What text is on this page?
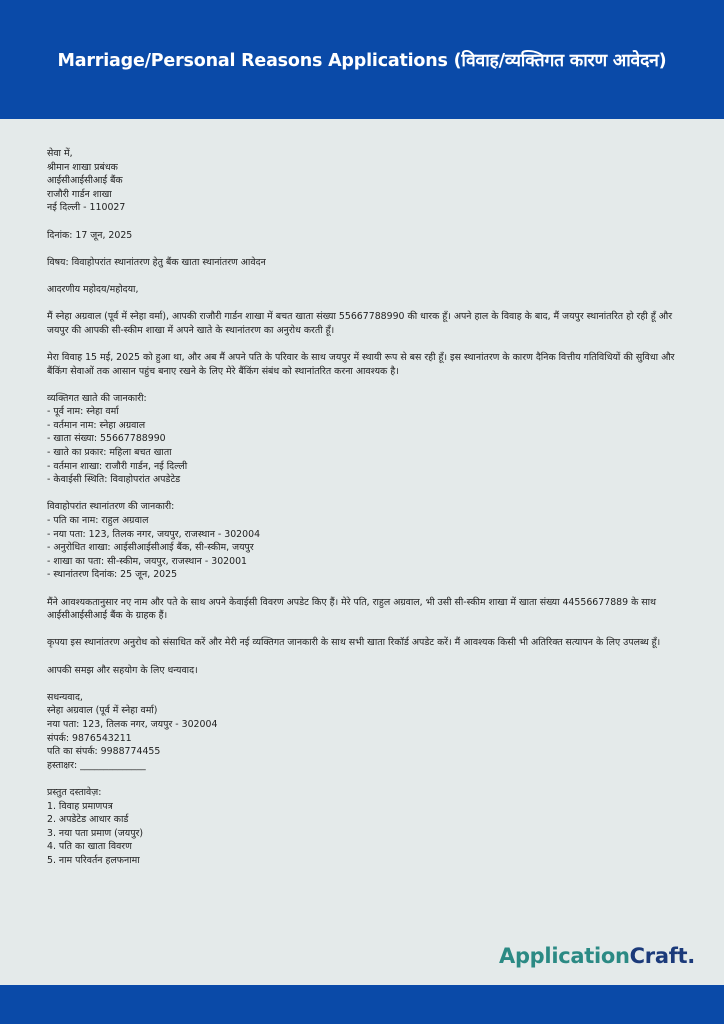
Marriage/Personal Reasons Applications (विवाह/व्यक्तिगत कारण आवेदन)
सेवा में,
श्रीमान शाखा प्रबंधक
आईसीआईसीआई बैंक
राजौरी गार्डन शाखा
नई दिल्ली - 110027
दिनांक: 17 जून, 2025
विषय: विवाहोपरांत स्थानांतरण हेतु बैंक खाता स्थानांतरण आवेदन
आदरणीय महोदय/महोदया,
मैं स्नेहा अग्रवाल (पूर्व में स्नेहा वर्मा), आपकी राजौरी गार्डन शाखा में बचत खाता संख्या 55667788990 की धारक हूँ। अपने हाल के विवाह के बाद, मैं जयपुर स्थानांतरित हो रही हूँ और जयपुर की आपकी सी-स्कीम शाखा में अपने खाते के स्थानांतरण का अनुरोध करती हूँ।
मेरा विवाह 15 मई, 2025 को हुआ था, और अब मैं अपने पति के परिवार के साथ जयपुर में स्थायी रूप से बस रही हूँ। इस स्थानांतरण के कारण दैनिक वित्तीय गतिविधियों की सुविधा और बैंकिंग सेवाओं तक आसान पहुंच बनाए रखने के लिए मेरे बैंकिंग संबंध को स्थानांतरित करना आवश्यक है।
व्यक्तिगत खाते की जानकारी:
- पूर्व नाम: स्नेहा वर्मा
- वर्तमान नाम: स्नेहा अग्रवाल
- खाता संख्या: 55667788990
- खाते का प्रकार: महिला बचत खाता
- वर्तमान शाखा: राजौरी गार्डन, नई दिल्ली
- केवाईसी स्थिति: विवाहोपरांत अपडेटेड
विवाहोपरांत स्थानांतरण की जानकारी:
- पति का नाम: राहुल अग्रवाल
- नया पता: 123, तिलक नगर, जयपुर, राजस्थान - 302004
- अनुरोधित शाखा: आईसीआईसीआई बैंक, सी-स्कीम, जयपुर
- शाखा का पता: सी-स्कीम, जयपुर, राजस्थान - 302001
- स्थानांतरण दिनांक: 25 जून, 2025
मैंने आवश्यकतानुसार नए नाम और पते के साथ अपने केवाईसी विवरण अपडेट किए हैं। मेरे पति, राहुल अग्रवाल, भी उसी सी-स्कीम शाखा में खाता संख्या 44556677889 के साथ आईसीआईसीआई बैंक के ग्राहक हैं।
कृपया इस स्थानांतरण अनुरोध को संसाधित करें और मेरी नई व्यक्तिगत जानकारी के साथ सभी खाता रिकॉर्ड अपडेट करें। मैं आवश्यक किसी भी अतिरिक्त सत्यापन के लिए उपलब्ध हूँ।
आपकी समझ और सहयोग के लिए धन्यवाद।
सधन्यवाद,
स्नेहा अग्रवाल (पूर्व में स्नेहा वर्मा)
नया पता: 123, तिलक नगर, जयपुर - 302004
संपर्क: 9876543211
पति का संपर्क: 9988774455
हस्ताक्षर: ______________
प्रस्तुत दस्तावेज़:
1. विवाह प्रमाणपत्र
2. अपडेटेड आधार कार्ड
3. नया पता प्रमाण (जयपुर)
4. पति का खाता विवरण
5. नाम परिवर्तन हलफनामा
ApplicationCraft.
